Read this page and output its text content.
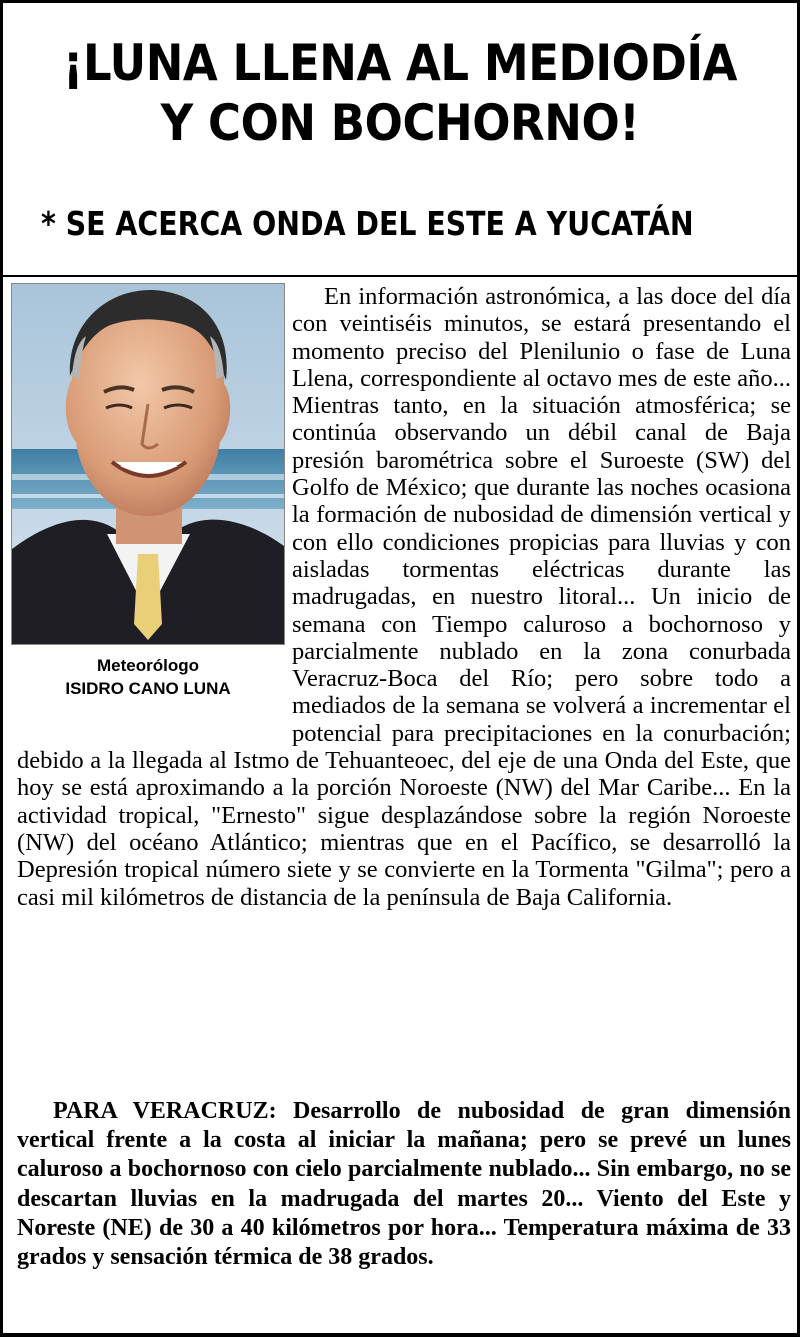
¡LUNA LLENA AL MEDIODÍA
Y CON BOCHORNO!
* SE ACERCA ONDA DEL ESTE A YUCATÁN

En información astronómica, a las doce del día con veintiséis minutos, se estará presentando el momento preciso del Plenilunio o fase de Luna Llena, correspondiente al octavo mes de este año... Mientras tanto, en la situación atmosférica; se continúa observando un débil canal de Baja presión barométrica sobre el Suroeste (SW) del Golfo de México; que durante las noches ocasiona la formación de nubosidad de dimensión vertical y con ello condiciones propicias para lluvias y con aisladas tormentas eléctricas durante las madrugadas, en nuestro litoral... Un inicio de semana con Tiempo caluroso a bochornoso y parcialmente nublado en la zona conurbada Veracruz-Boca del Río; pero sobre todo a mediados de la semana se volverá a incrementar el potencial para precipitaciones en la conurbación; debido a la llegada al Istmo de Tehuanteoec, del eje de una Onda del Este, que hoy se está aproximando a la porción Noroeste (NW) del Mar Caribe... En la actividad tropical, "Ernesto" sigue desplazándose sobre la región Noroeste (NW) del océano Atlántico; mientras que en el Pacífico, se desarrolló la Depresión tropical número siete y se convierte en la Tormenta "Gilma"; pero a casi mil kilómetros de distancia de la península de Baja California.

Meteorólogo
ISIDRO CANO LUNA

PARA VERACRUZ: Desarrollo de nubosidad de gran dimensión vertical frente a la costa al iniciar la mañana; pero se prevé un lunes caluroso a bochornoso con cielo parcialmente nublado... Sin embargo, no se descartan lluvias en la madrugada del martes 20... Viento del Este y Noreste (NE) de 30 a 40 kilómetros por hora... Temperatura máxima de 33 grados y sensación térmica de 38 grados.
